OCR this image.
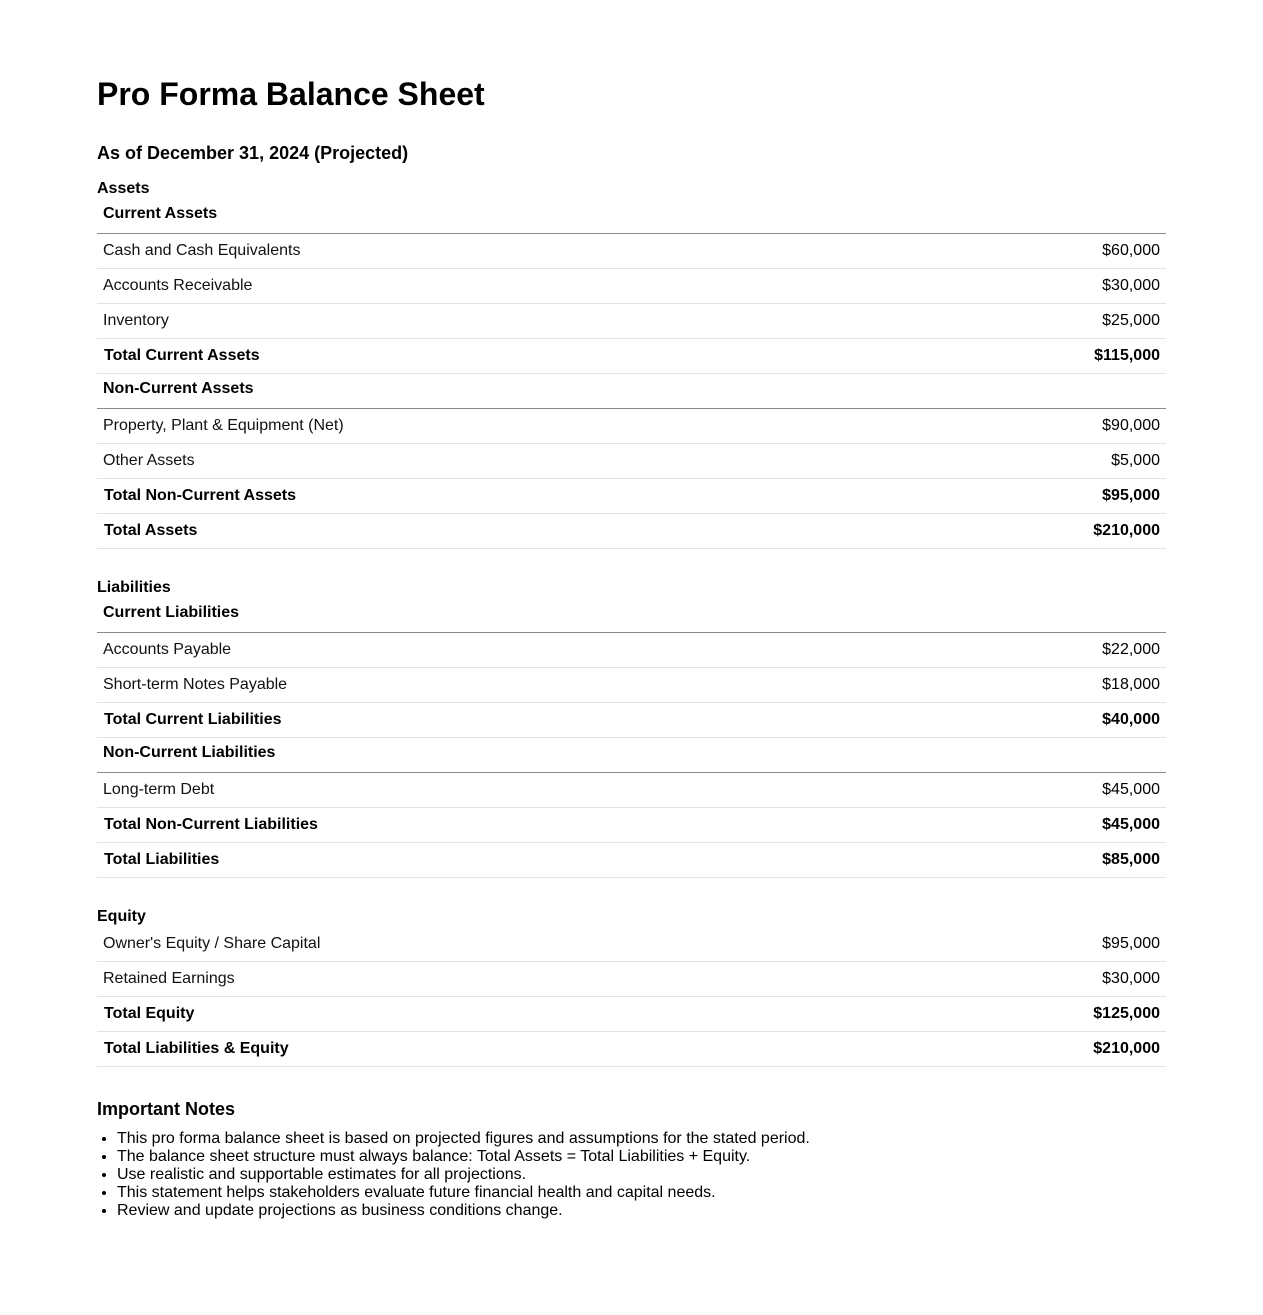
Pro Forma Balance Sheet
As of December 31, 2024 (Projected)
Assets
Current Assets	
Cash and Cash Equivalents	$60,000
Accounts Receivable	$30,000
Inventory	$25,000
Total Current Assets	$115,000
Non-Current Assets	
Property, Plant & Equipment (Net)	$90,000
Other Assets	$5,000
Total Non-Current Assets	$95,000
Total Assets	$210,000
Liabilities
Current Liabilities	
Accounts Payable	$22,000
Short-term Notes Payable	$18,000
Total Current Liabilities	$40,000
Non-Current Liabilities	
Long-term Debt	$45,000
Total Non-Current Liabilities	$45,000
Total Liabilities	$85,000
Equity
Owner's Equity / Share Capital	$95,000
Retained Earnings	$30,000
Total Equity	$125,000
Total Liabilities & Equity	$210,000
Important Notes
• This pro forma balance sheet is based on projected figures and assumptions for the stated period.
• The balance sheet structure must always balance: Total Assets = Total Liabilities + Equity.
• Use realistic and supportable estimates for all projections.
• This statement helps stakeholders evaluate future financial health and capital needs.
• Review and update projections as business conditions change.
